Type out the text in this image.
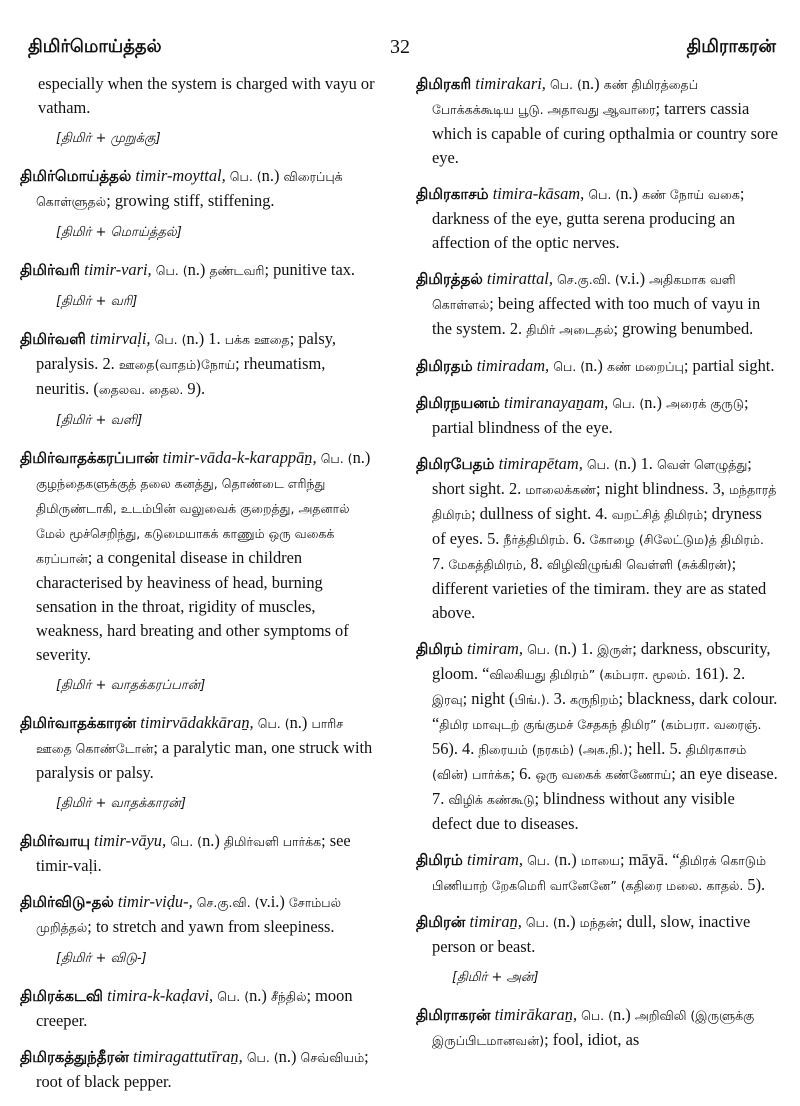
திமிர்மொய்த்தல்	32	திமிராகரன்
especially when the system is charged with vayu or vatham.
[திமிர் + முறுக்கு]
திமிர்மொய்த்தல் timir-moyttal, பெ. (n.) விரைப்புக் கொள்ளுதல்; growing stiff, stiffening.
[திமிர் + மொய்த்தல்]
திமிர்வரி timir-vari, பெ. (n.) தண்டவரி; punitive tax.
[திமிர் + வரி]
திமிர்வளி timirvaḷi, பெ. (n.) 1. பக்க ஊதை; palsy, paralysis. 2. ஊதை(வாதம்)நோய்; rheumatism, neuritis. (தைலவ. தைல. 9).
[திமிர் + வளி]
திமிர்வாதக்கரப்பான் timir-vāda-k-karappāṉ, பெ. (n.) குழந்தைகளுக்குத் தலை கனத்து, தொண்டை எரிந்து திமிருண்டாகி, உடம்பின் வலுவைக் குறைத்து, அதனால் மேல் மூச்செறிந்து, கடுமையாகக் காணும் ஒரு வகைக் கரப்பான்; a congenital disease in children characterised by heaviness of head, burning sensation in the throat, rigidity of muscles, weakness, hard breating and other symptoms of severity.
[திமிர் + வாதக்கரப்பான்]
திமிர்வாதக்காரன் timirvādakkāraṉ, பெ. (n.) பாரிச ஊதை கொண்டோன்; a paralytic man, one struck with paralysis or palsy.
[திமிர் + வாதக்காரன்]
திமிர்வாயு timir-vāyu, பெ. (n.) திமிர்வளி பார்க்க; see timir-vaḷi.
திமிர்விடு-தல் timir-viḍu-, செ.கு.வி. (v.i.) சோம்பல் முறித்தல்; to stretch and yawn from sleepiness.
[திமிர் + விடு-]
திமிரக்கடவி timira-k-kaḍavi, பெ. (n.) சீந்தில்; moon creeper.
திமிரகத்துந்தீரன் timiragattutīraṉ, பெ. (n.) செவ்வியம்; root of black pepper.
திமிரகரி timirakari, பெ. (n.) கண் திமிரத்தைப் போக்கக்கூடிய பூடு. அதாவது ஆவாரை; tarrers cassia which is capable of curing opthalmia or country sore eye.
திமிரகாசம் timira-kāsam, பெ. (n.) கண் நோய் வகை; darkness of the eye, gutta serena producing an affection of the optic nerves.
திமிரத்தல் timirattal, செ.கு.வி. (v.i.) அதிகமாக வளி கொள்ளல்; being affected with too much of vayu in the system. 2. திமிர் அடைதல்; growing benumbed.
திமிரதம் timiradam, பெ. (n.) கண் மறைப்பு; partial sight.
திமிரநயனம் timiranayaṉam, பெ. (n.) அரைக் குருடு; partial blindness of the eye.
திமிரபேதம் timirapētam, பெ. (n.) 1. வெள் ளெழுத்து; short sight. 2. மாலைக்கண்; night blindness. 3, மந்தாரத் திமிரம்; dullness of sight. 4. வறட்சித் திமிரம்; dryness of eyes. 5. நீர்த்திமிரம். 6. கோழை (சிலேட்டும)த் திமிரம். 7. மேகத்திமிரம், 8. விழிவிழுங்கி வெள்ளி (சுக்கிரன்); different varieties of the timiram. they are as stated above.
திமிரம் timiram, பெ. (n.) 1. இருள்; darkness, obscurity, gloom. “விலகியது திமிரம்” (கம்பரா. மூலம். 161). 2. இரவு; night (பிங்.). 3. கருநிறம்; blackness, dark colour. “திமிர மாவுடற் குங்குமச் சேதகந் திமிர” (கம்பரா. வரைஞ். 56). 4. நிரையம் (நரகம்) (அக.நி.); hell. 5. திமிரகாசம் (வின்) பார்க்க; 6. ஒரு வகைக் கண்ணோய்; an eye disease. 7. விழிக் கண்கூடு; blindness without any visible defect due to diseases.
திமிரம் timiram, பெ. (n.) மாயை; māyā. “திமிரக் கொடும் பிணியாற் றேகமெரி வானேனே” (கதிரை மலை. காதல். 5).
திமிரன் timiraṉ, பெ. (n.) மந்தன்; dull, slow, inactive person or beast.
[திமிர் + அன்]
திமிராகரன் timirākaraṉ, பெ. (n.) அறிவிலி (இருளுக்கு இருப்பிடமானவன்); fool, idiot, as
